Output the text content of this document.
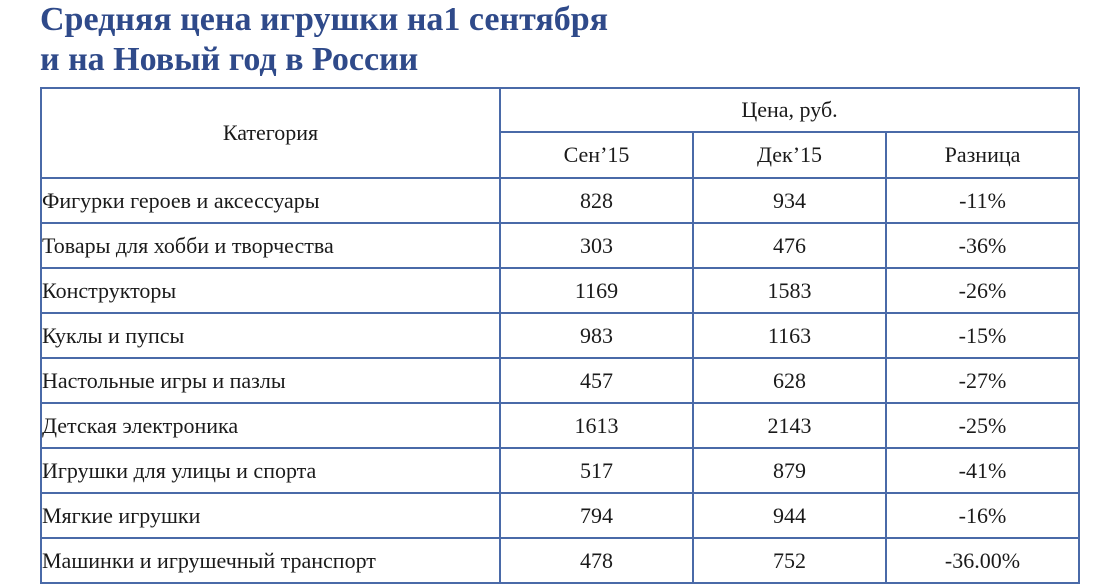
Средняя цена игрушки на1 сентября
и на Новый год в России
Категория	Цена, руб.		
	Сен’15	Дек’15	Разница
Фигурки героев и аксессуары	828	934	-11%
Товары для хобби и творчества	303	476	-36%
Конструкторы	1169	1583	-26%
Куклы и пупсы	983	1163	-15%
Настольные игры и пазлы	457	628	-27%
Детская электроника	1613	2143	-25%
Игрушки для улицы и спорта	517	879	-41%
Мягкие игрушки	794	944	-16%
Машинки и игрушечный транспорт	478	752	-36.00%
